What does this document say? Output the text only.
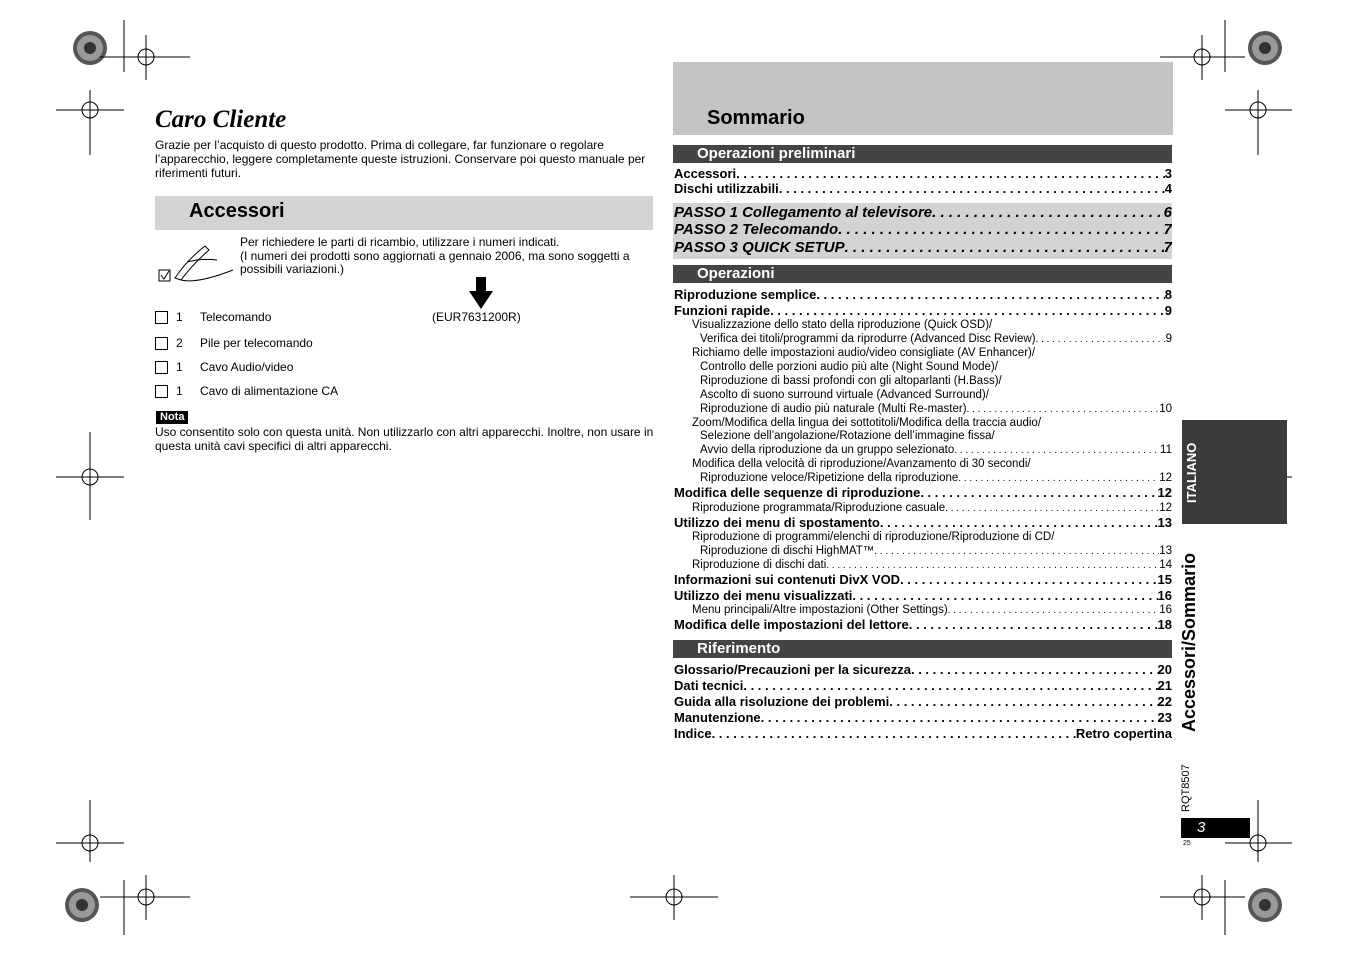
Caro Cliente
Grazie per l’acquisto di questo prodotto. Prima di collegare, far funzionare o regolare l’apparecchio, leggere completamente queste istruzioni. Conservare poi questo manuale per riferimenti futuri.
Accessori
Per richiedere le parti di ricambio, utilizzare i numeri indicati.
(I numeri dei prodotti sono aggiornati a gennaio 2006, ma sono soggetti a possibili variazioni.)
1 Telecomando	(EUR7631200R)
2 Pile per telecomando
1 Cavo Audio/video
1 Cavo di alimentazione CA
Nota
Uso consentito solo con questa unità. Non utilizzarlo con altri apparecchi. Inoltre, non usare in questa unità cavi specifici di altri apparecchi.
Sommario
Operazioni preliminari
Accessori . . .	3
Dischi utilizzabili . . .	4
PASSO 1 Collegamento al televisore . . .	6
PASSO 2 Telecomando . . .	7
PASSO 3 QUICK SETUP . . .	7
Operazioni
Riproduzione semplice . . .	8
Funzioni rapide . . .	9
Visualizzazione dello stato della riproduzione (Quick OSD)/
Verifica dei titoli/programmi da riprodurre (Advanced Disc Review) . . .	9
Richiamo delle impostazioni audio/video consigliate (AV Enhancer)/
Controllo delle porzioni audio più alte (Night Sound Mode)/
Riproduzione di bassi profondi con gli altoparlanti (H.Bass)/
Ascolto di suono surround virtuale (Advanced Surround)/
Riproduzione di audio più naturale (Multi Re-master) . . .	10
Zoom/Modifica della lingua dei sottotitoli/Modifica della traccia audio/
Selezione dell’angolazione/Rotazione dell’immagine fissa/
Avvio della riproduzione da un gruppo selezionato . . .	11
Modifica della velocità di riproduzione/Avanzamento di 30 secondi/
Riproduzione veloce/Ripetizione della riproduzione . . .	12
Modifica delle sequenze di riproduzione . . .	12
Riproduzione programmata/Riproduzione casuale . . .	12
Utilizzo dei menu di spostamento . . .	13
Riproduzione di programmi/elenchi di riproduzione/Riproduzione di CD/
Riproduzione di dischi HighMAT™ . . .	13
Riproduzione di dischi dati . . .	14
Informazioni sui contenuti DivX VOD . . .	15
Utilizzo dei menu visualizzati . . .	16
Menu principali/Altre impostazioni (Other Settings) . . .	16
Modifica delle impostazioni del lettore . . .	18
Riferimento
Glossario/Precauzioni per la sicurezza . . .	20
Dati tecnici . . .	21
Guida alla risoluzione dei problemi . . .	22
Manutenzione . . .	23
Indice . . .	Retro copertina
ITALIANO
Accessori/Sommario
RQT8507
3
25
